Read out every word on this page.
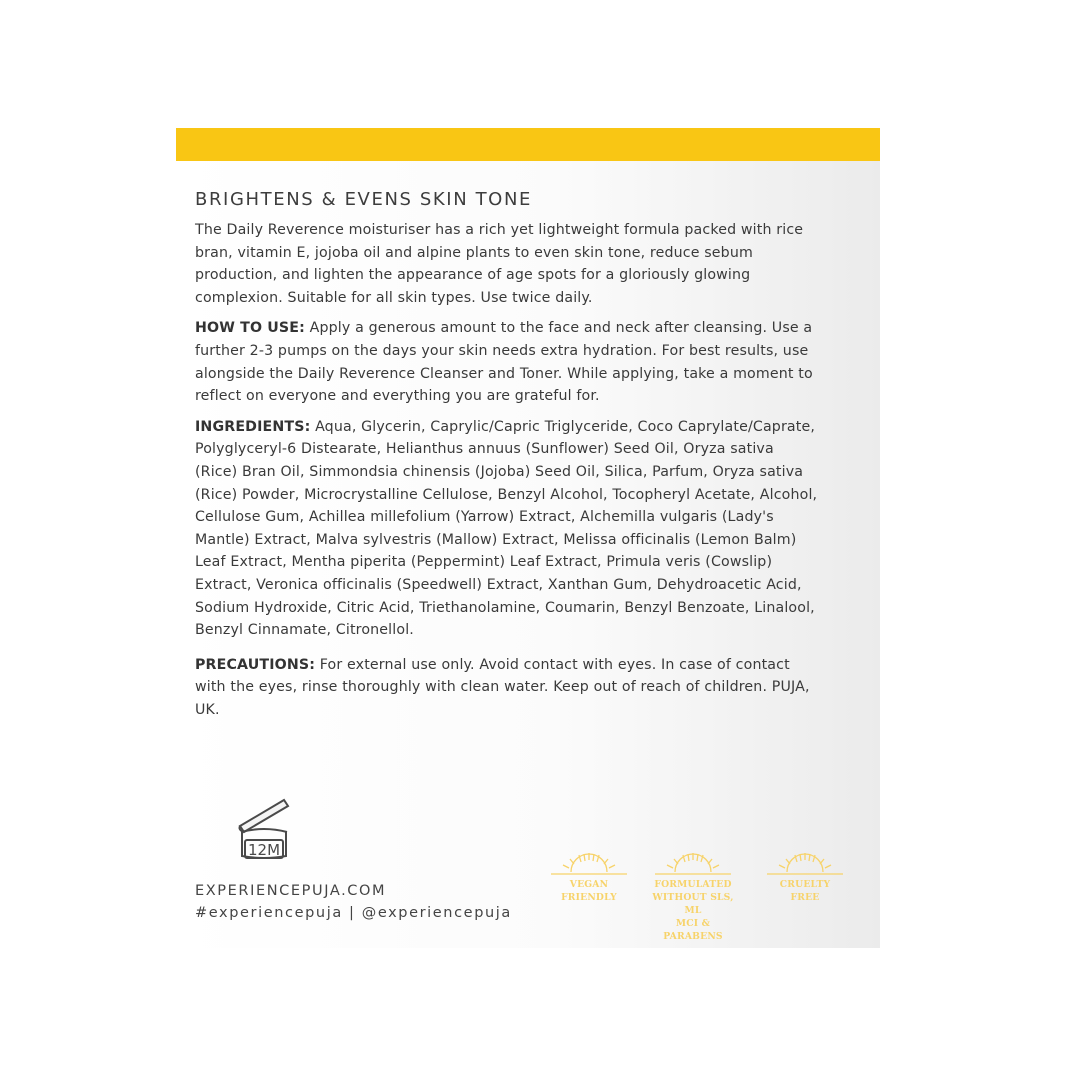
BRIGHTENS & EVENS SKIN TONE

The Daily Reverence moisturiser has a rich yet lightweight formula packed with rice bran, vitamin E, jojoba oil and alpine plants to even skin tone, reduce sebum production, and lighten the appearance of age spots for a gloriously glowing complexion. Suitable for all skin types. Use twice daily.

HOW TO USE: Apply a generous amount to the face and neck after cleansing. Use a further 2-3 pumps on the days your skin needs extra hydration. For best results, use alongside the Daily Reverence Cleanser and Toner. While applying, take a moment to reflect on everyone and everything you are grateful for.

INGREDIENTS: Aqua, Glycerin, Caprylic/Capric Triglyceride, Coco Caprylate/Caprate, Polyglyceryl-6 Distearate, Helianthus annuus (Sunflower) Seed Oil, Oryza sativa (Rice) Bran Oil, Simmondsia chinensis (Jojoba) Seed Oil, Silica, Parfum, Oryza sativa (Rice) Powder, Microcrystalline Cellulose, Benzyl Alcohol, Tocopheryl Acetate, Alcohol, Cellulose Gum, Achillea millefolium (Yarrow) Extract, Alchemilla vulgaris (Lady's Mantle) Extract, Malva sylvestris (Mallow) Extract, Melissa officinalis (Lemon Balm) Leaf Extract, Mentha piperita (Peppermint) Leaf Extract, Primula veris (Cowslip) Extract, Veronica officinalis (Speedwell) Extract, Xanthan Gum, Dehydroacetic Acid, Sodium Hydroxide, Citric Acid, Triethanolamine, Coumarin, Benzyl Benzoate, Linalool, Benzyl Cinnamate, Citronellol.

PRECAUTIONS: For external use only. Avoid contact with eyes. In case of contact with the eyes, rinse thoroughly with clean water. Keep out of reach of children. PUJA, UK.

12M
EXPERIENCEPUJA.COM
#experiencepuja | @experiencepuja
VEGAN
FRIENDLY
FORMULATED
WITHOUT SLS, ML
MCI & PARABENS
CRUELTY
FREE
